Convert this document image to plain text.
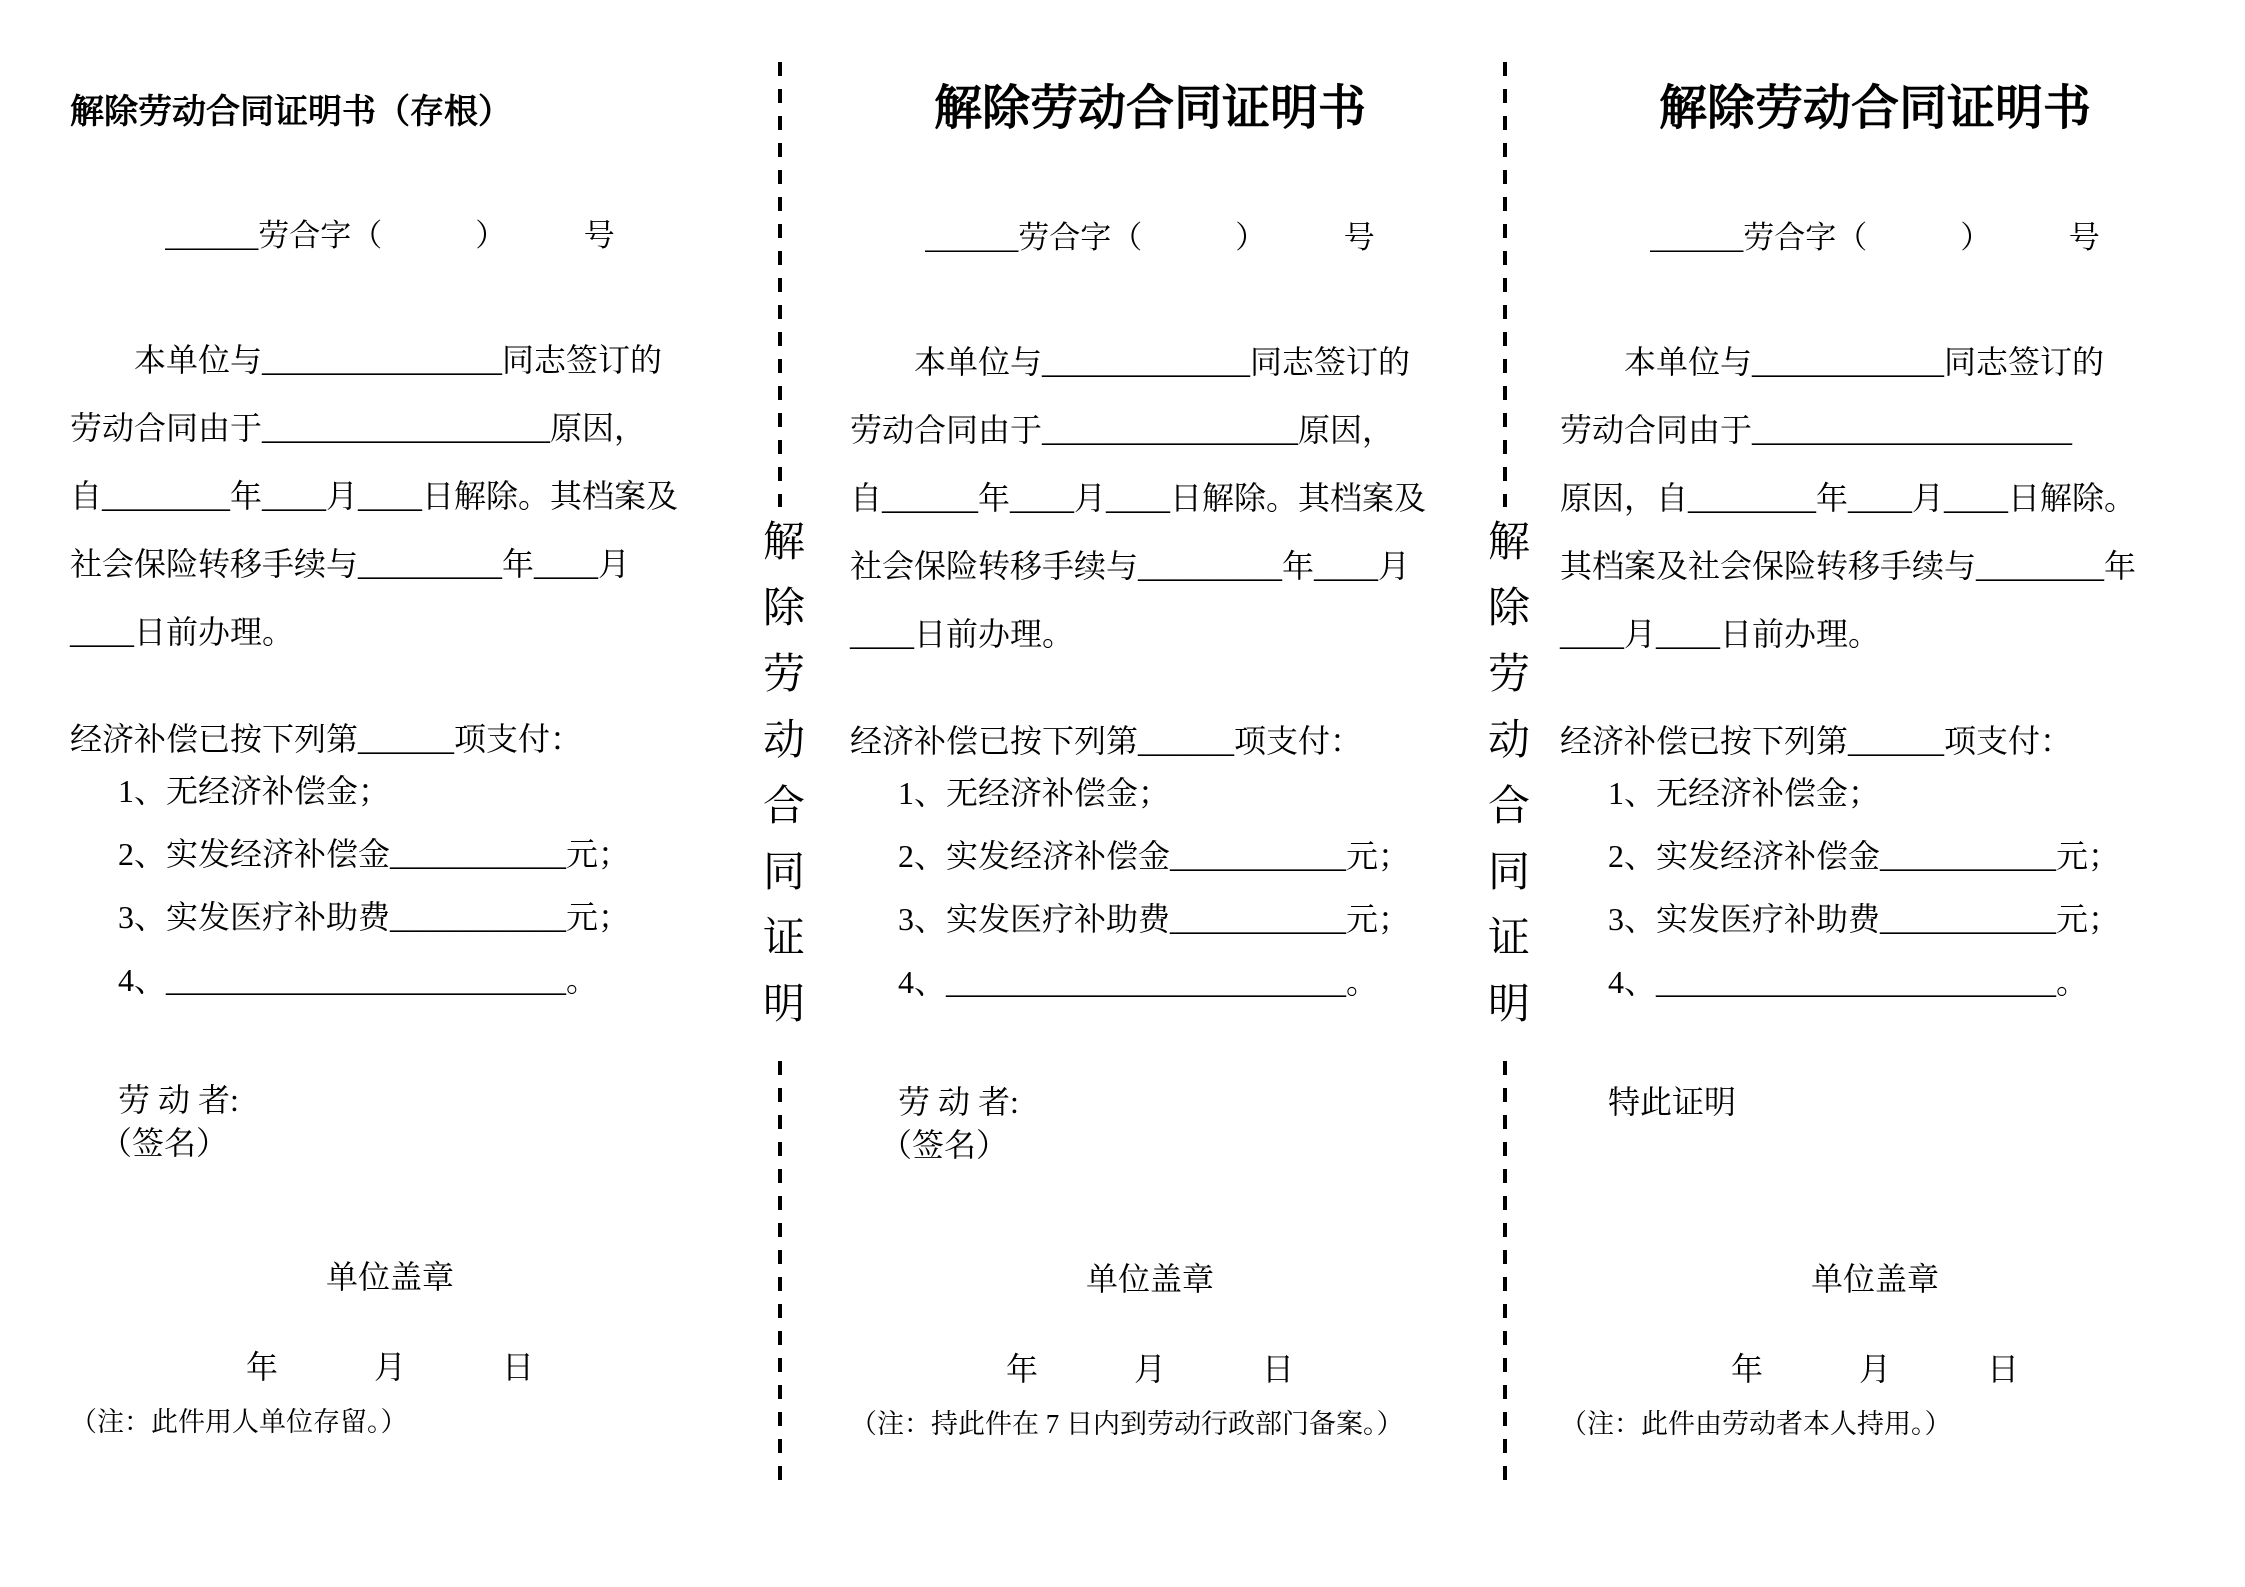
解除劳动合同证明书（存根）
______劳合字（　　　）　　　号

本单位与_______________同志签订的

劳动合同由于__________________原因，

自________年____月____日解除。其档案及

社会保险转移手续与_________年____月

____日前办理。

经济补偿已按下列第______项支付：
1、无经济补偿金；
2、实发经济补偿金___________元；
3、实发医疗补助费___________元；
4、_________________________。
劳 动 者:
（签名）
单位盖章
年　　　月　　　日
（注：此件用人单位存留。）
解除劳动合同证明
解除劳动合同证明书
______劳合字（　　　）　　　号

本单位与_____________同志签订的

劳动合同由于________________原因，

自______年____月____日解除。其档案及

社会保险转移手续与_________年____月

____日前办理。

经济补偿已按下列第______项支付：
1、无经济补偿金；
2、实发经济补偿金___________元；
3、实发医疗补助费___________元；
4、_________________________。
劳 动 者:
（签名）
单位盖章
年　　　月　　　日
（注：持此件在 7 日内到劳动行政部门备案。）
解除劳动合同证明
解除劳动合同证明书
______劳合字（　　　）　　　号

本单位与____________同志签订的

劳动合同由于____________________

原因，自________年____月____日解除。

其档案及社会保险转移手续与________年

____月____日前办理。

经济补偿已按下列第______项支付：
1、无经济补偿金；
2、实发经济补偿金___________元；
3、实发医疗补助费___________元；
4、_________________________。
特此证明
单位盖章
年　　　月　　　日
（注：此件由劳动者本人持用。）
